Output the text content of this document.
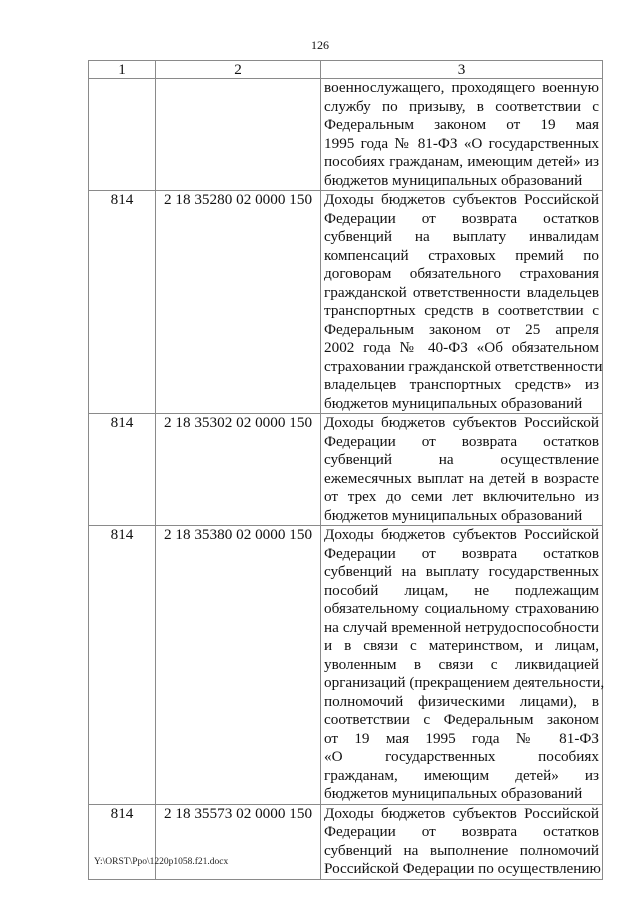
126
1	2	3

военнослужащего, проходящего военную
службу по призыву, в соответствии с
Федеральным законом от 19 мая
1995 года № 81-ФЗ «О государственных
пособиях гражданам, имеющим детей» из
бюджетов муниципальных образований

814	2 18 35280 02 0000 150	Доходы бюджетов субъектов Российской
Федерации от возврата остатков
субвенций на выплату инвалидам
компенсаций страховых премий по
договорам обязательного страхования
гражданской ответственности владельцев
транспортных средств в соответствии с
Федеральным законом от 25 апреля
2002 года № 40-ФЗ «Об обязательном
страховании гражданской ответственности
владельцев транспортных средств» из
бюджетов муниципальных образований

814	2 18 35302 02 0000 150	Доходы бюджетов субъектов Российской
Федерации от возврата остатков
субвенций на осуществление
ежемесячных выплат на детей в возрасте
от трех до семи лет включительно из
бюджетов муниципальных образований

814	2 18 35380 02 0000 150	Доходы бюджетов субъектов Российской
Федерации от возврата остатков
субвенций на выплату государственных
пособий лицам, не подлежащим
обязательному социальному страхованию
на случай временной нетрудоспособности
и в связи с материнством, и лицам,
уволенным в связи с ликвидацией
организаций (прекращением деятельности,
полномочий физическими лицами), в
соответствии с Федеральным законом
от 19 мая 1995 года № 81-ФЗ
«О государственных пособиях
гражданам, имеющим детей» из
бюджетов муниципальных образований

814	2 18 35573 02 0000 150	Доходы бюджетов субъектов Российской
Федерации от возврата остатков
субвенций на выполнение полномочий
Российской Федерации по осуществлению
Y:\ORST\Ppo\1220p1058.f21.docx
